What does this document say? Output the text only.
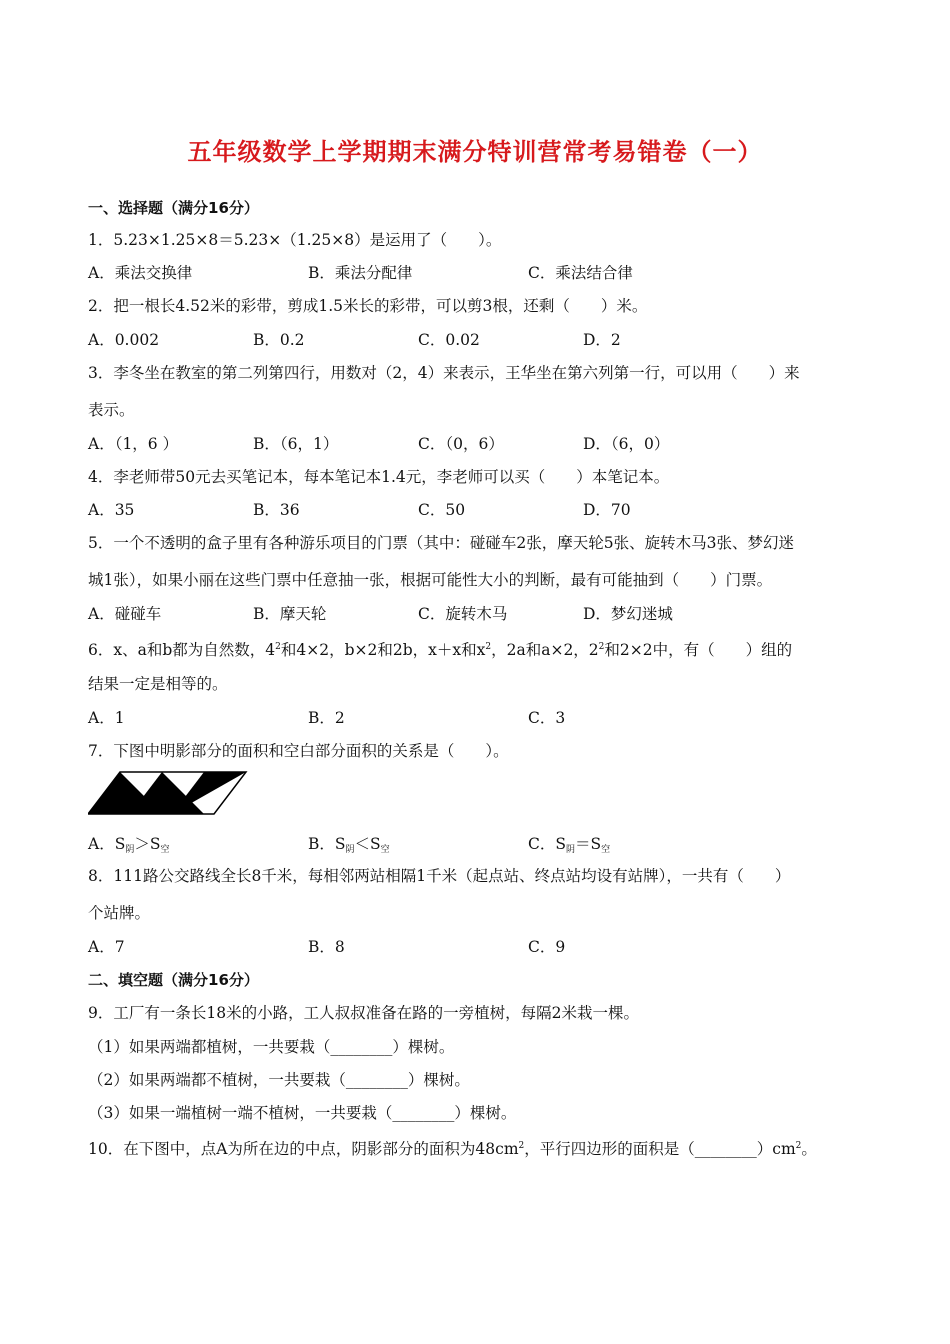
五年级数学上学期期末满分特训营常考易错卷（一）
一、选择题（满分16分）
1．5.23×1.25×8＝5.23×（1.25×8）是运用了（　　）。
A．乘法交换律	B．乘法分配律	C．乘法结合律
2．把一根长4.52米的彩带，剪成1.5米长的彩带，可以剪3根，还剩（　　）米。
A．0.002	B．0.2	C．0.02	D．2
3．李冬坐在教室的第二列第四行，用数对（2，4）来表示，王华坐在第六列第一行，可以用（　　）来
表示。
A．（1，6 ）	B．（6，1）	C．（0，6）	D．（6，0）
4．李老师带50元去买笔记本，每本笔记本1.4元，李老师可以买（　　）本笔记本。
A．35	B．36	C．50	D．70
5．一个不透明的盒子里有各种游乐项目的门票（其中：碰碰车2张，摩天轮5张、旋转木马3张、梦幻迷
城1张），如果小丽在这些门票中任意抽一张，根据可能性大小的判断，最有可能抽到（　　）门票。
A．碰碰车	B．摩天轮	C．旋转木马	D．梦幻迷城
6．x、a和b都为自然数，$4^2$和4×2，b×2和2b，x＋x和$x^2$，2a和a×2，$2^2$和2×2中，有（　　）组的
结果一定是相等的。
A．1	B．2	C．3
7．下图中明影部分的面积和空白部分面积的关系是（　　）。
A．$S_阴>S_空$	B．$S_阴<S_空$	C．$S_阴=S_空$
8．111路公交路线全长8千米，每相邻两站相隔1千米（起点站、终点站均设有站牌），一共有（　　）
个站牌。
A．7	B．8	C．9
二、填空题（满分16分）
9．工厂有一条长18米的小路，工人叔叔准备在路的一旁植树，每隔2米栽一棵。
（1）如果两端都植树，一共要栽（________）棵树。
（2）如果两端都不植树，一共要栽（________）棵树。
（3）如果一端植树一端不植树，一共要栽（________）棵树。
10．在下图中，点A为所在边的中点，阴影部分的面积为$48cm^2$，平行四边形的面积是$(\_\_\_\_\_\_\_\_)cm^2$。
